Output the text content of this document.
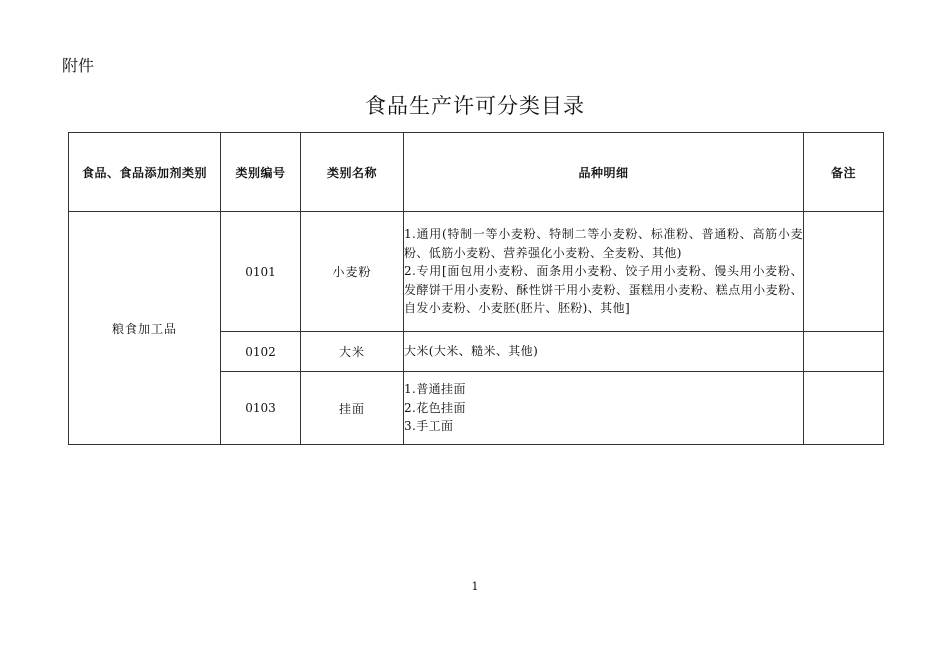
附件
食品生产许可分类目录
食品、食品添加剂类别	类别编号	类别名称	品种明细	备注
粮食加工品	0101	小麦粉	1.通用(特制一等小麦粉、特制二等小麦粉、标准粉、普通粉、高筋小麦粉、低筋小麦粉、营养强化小麦粉、全麦粉、其他)
2.专用[面包用小麦粉、面条用小麦粉、饺子用小麦粉、馒头用小麦粉、发酵饼干用小麦粉、酥性饼干用小麦粉、蛋糕用小麦粉、糕点用小麦粉、自发小麦粉、小麦胚(胚片、胚粉)、其他]	

	0102	大米	大米(大米、糙米、其他)	

	0103	挂面	1.普通挂面
2.花色挂面
3.手工面	

1
